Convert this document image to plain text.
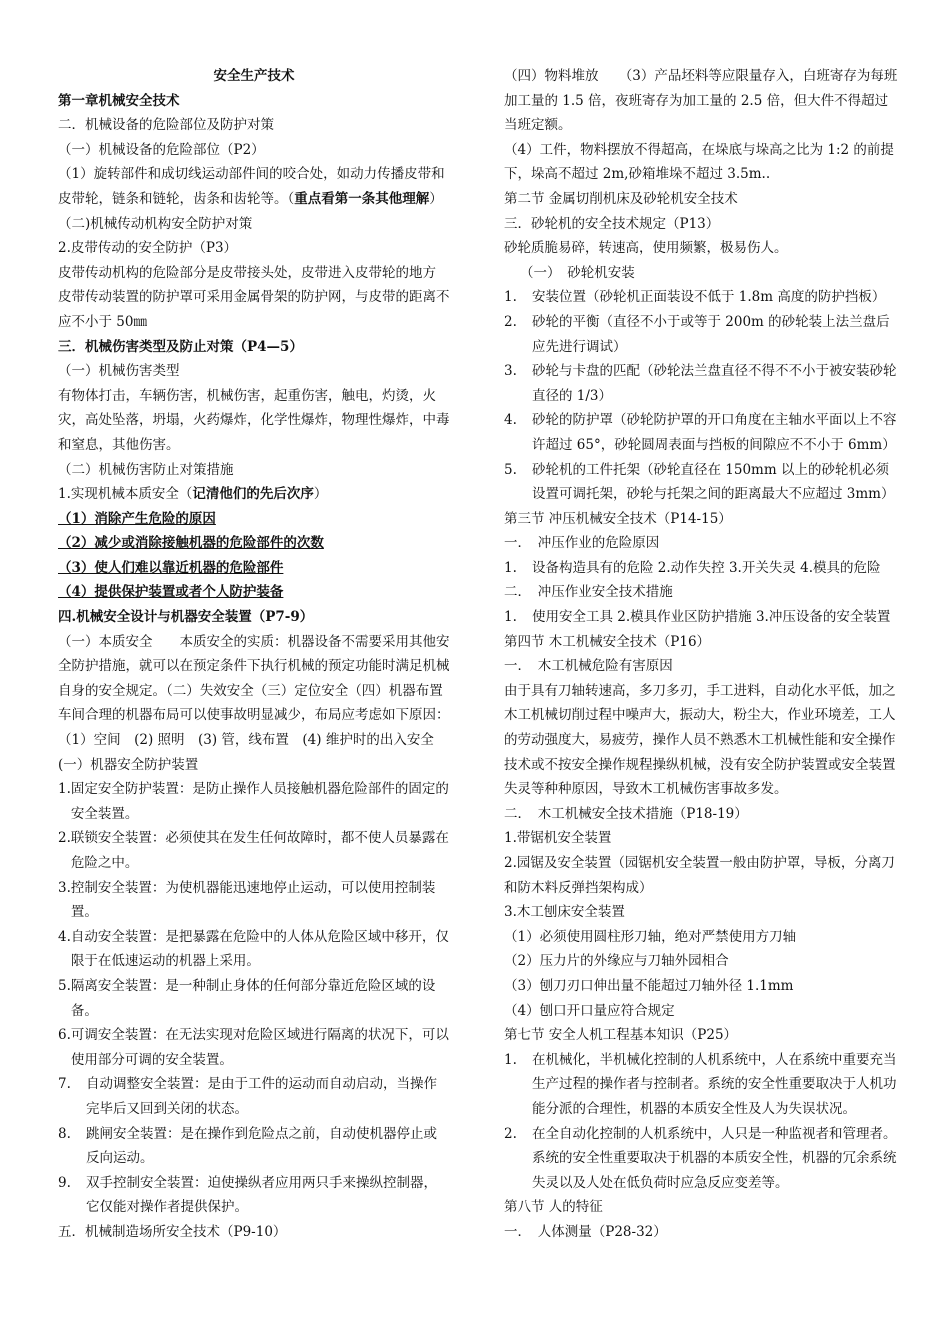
安全生产技术
第一章机械安全技术
二．机械设备的危险部位及防护对策
（一）机械设备的危险部位（P2）
（1）旋转部件和成切线运动部件间的咬合处，如动力传播皮带和皮带轮，链条和链轮，齿条和齿轮等。（重点看第一条其他理解）
（二)机械传动机构安全防护对策
2.皮带传动的安全防护（P3）
皮带传动机构的危险部分是皮带接头处，皮带进入皮带轮的地方
皮带传动装置的防护罩可采用金属骨架的防护网，与皮带的距离不应不小于 50㎜
三．机械伤害类型及防止对策（P4—5）
（一）机械伤害类型
有物体打击，车辆伤害，机械伤害，起重伤害，触电，灼烫，火灾，高处坠落，坍塌，火药爆炸，化学性爆炸，物理性爆炸，中毒和窒息，其他伤害。
（二）机械伤害防止对策措施
1.实现机械本质安全（记清他们的先后次序）
（1）消除产生危险的原因
（2）减少或消除接触机器的危险部件的次数
（3）使人们难以靠近机器的危险部件
（4）提供保护装置或者个人防护装备
四.机械安全设计与机器安全装置（P7-9）
（一）本质安全　　本质安全的实质：机器设备不需要采用其他安全防护措施，就可以在预定条件下执行机械的预定功能时满足机械自身的安全规定。（二）失效安全（三）定位安全（四）机器布置车间合理的机器布局可以使事故明显减少，布局应考虑如下原因：（1）空间　(2) 照明　(3) 管，线布置　(4) 维护时的出入安全
(一）机器安全防护装置
1. 固定安全防护装置：是防止操作人员接触机器危险部件的固定的安全装置。
2. 联锁安全装置：必须使其在发生任何故障时，都不使人员暴露在危险之中。
3. 控制安全装置：为使机器能迅速地停止运动，可以使用控制装置。
4. 自动安全装置：是把暴露在危险中的人体从危险区域中移开，仅限于在低速运动的机器上采用。
5. 隔离安全装置：是一种制止身体的任何部分靠近危险区域的设备。
6. 可调安全装置：在无法实现对危险区域进行隔离的状况下，可以使用部分可调的安全装置。
7.	自动调整安全装置：是由于工件的运动而自动启动，当操作完毕后又回到关闭的状态。
8.	跳闸安全装置：是在操作到危险点之前，自动使机器停止或反向运动。
9.	双手控制安全装置：迫使操纵者应用两只手来操纵控制器，它仅能对操作者提供保护。
五．机械制造场所安全技术（P9-10）
（四）物料堆放　　（3）产品坯料等应限量存入，白班寄存为每班加工量的 1.5 倍，夜班寄存为加工量的 2.5 倍，但大件不得超过当班定额。
（4）工件，物料摆放不得超高，在垛底与垛高之比为 1:2 的前提下，垛高不超过 2m,砂箱堆垛不超过 3.5m..
第二节 金属切削机床及砂轮机安全技术
三．砂轮机的安全技术规定（P13）
砂轮质脆易碎，转速高，使用频繁，极易伤人。
（一）　砂轮机安装
1.	安装位置（砂轮机正面装设不低于 1.8m 高度的防护挡板）
2.	砂轮的平衡（直径不小于或等于 200m 的砂轮装上法兰盘后应先进行调试）
3.	砂轮与卡盘的匹配（砂轮法兰盘直径不得不不小于被安装砂轮直径的 1/3）
4.	砂轮的防护罩（砂轮防护罩的开口角度在主轴水平面以上不容许超过 65°，砂轮圆周表面与挡板的间隙应不不小于 6mm）
5.	砂轮机的工件托架（砂轮直径在 150mm 以上的砂轮机必须设置可调托架，砂轮与托架之间的距离最大不应超过 3mm）
第三节 冲压机械安全技术（P14-15）
一．　冲压作业的危险原因
1.	设备构造具有的危险 2.动作失控 3.开关失灵 4.模具的危险
二．　冲压作业安全技术措施
1.	使用安全工具 2.模具作业区防护措施 3.冲压设备的安全装置
第四节 木工机械安全技术（P16）
一．　木工机械危险有害原因
由于具有刀轴转速高，多刀多刃，手工进料，自动化水平低，加之木工机械切削过程中噪声大，振动大，粉尘大，作业环境差，工人的劳动强度大，易疲劳，操作人员不熟悉木工机械性能和安全操作技术或不按安全操作规程操纵机械，没有安全防护装置或安全装置失灵等种种原因，导致木工机械伤害事故多发。
二．　木工机械安全技术措施（P18-19）
1.带锯机安全装置
2.园锯及安全装置（园锯机安全装置一般由防护罩，导板，分离刀和防木料反弹挡架构成）
3.木工刨床安全装置
（1）必须使用圆柱形刀轴，绝对严禁使用方刀轴
（2）压力片的外缘应与刀轴外园相合
（3）刨刀刃口伸出量不能超过刀轴外径 1.1mm
（4）刨口开口量应符合规定
第七节 安全人机工程基本知识（P25）
1.	在机械化，半机械化控制的人机系统中，人在系统中重要充当生产过程的操作者与控制者。系统的安全性重要取决于人机功能分派的合理性，机器的本质安全性及人为失误状况。
2.	在全自动化控制的人机系统中，人只是一种监视者和管理者。系统的安全性重要取决于机器的本质安全性，机器的冗余系统失灵以及人处在低负荷时应急反应变差等。
第八节 人的特征
一．　人体测量（P28-32）
